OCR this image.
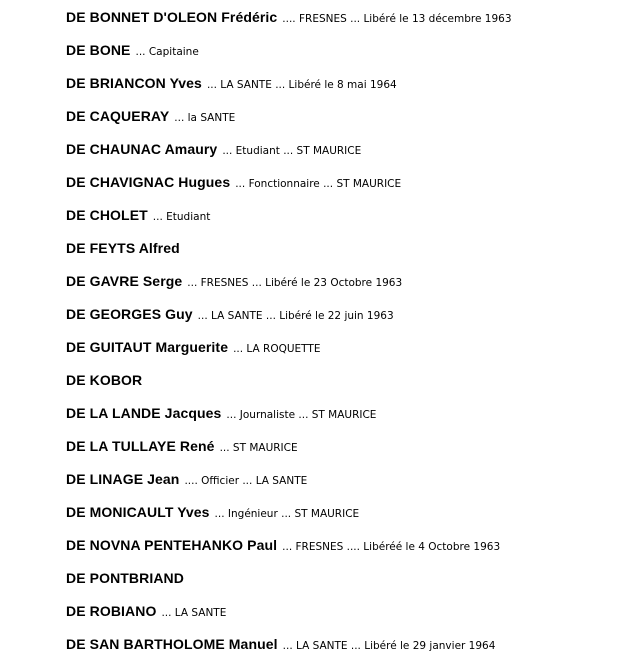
DE BONNET D'OLEON Frédéric .... FRESNES ... Libéré le 13 décembre 1963
DE BONE ... Capitaine
DE BRIANCON Yves ... LA SANTE ... Libéré le 8 mai 1964
DE CAQUERAY ... la SANTE
DE CHAUNAC Amaury ... Etudiant ... ST MAURICE
DE CHAVIGNAC Hugues ... Fonctionnaire ... ST MAURICE
DE CHOLET ... Etudiant
DE FEYTS Alfred
DE GAVRE Serge ... FRESNES ... Libéré le 23 Octobre 1963
DE GEORGES Guy ... LA SANTE ... Libéré le 22 juin 1963
DE GUITAUT Marguerite ... LA ROQUETTE
DE KOBOR
DE LA LANDE Jacques ... Journaliste ... ST MAURICE
DE LA TULLAYE René ... ST MAURICE
DE LINAGE Jean .... Officier ... LA SANTE
DE MONICAULT Yves ... Ingénieur ... ST MAURICE
DE NOVNA PENTEHANKO Paul ... FRESNES .... Libéréé le 4 Octobre 1963
DE PONTBRIAND
DE ROBIANO ... LA SANTE
DE SAN BARTHOLOME Manuel ... LA SANTE ... Libéré le 29 janvier 1964
